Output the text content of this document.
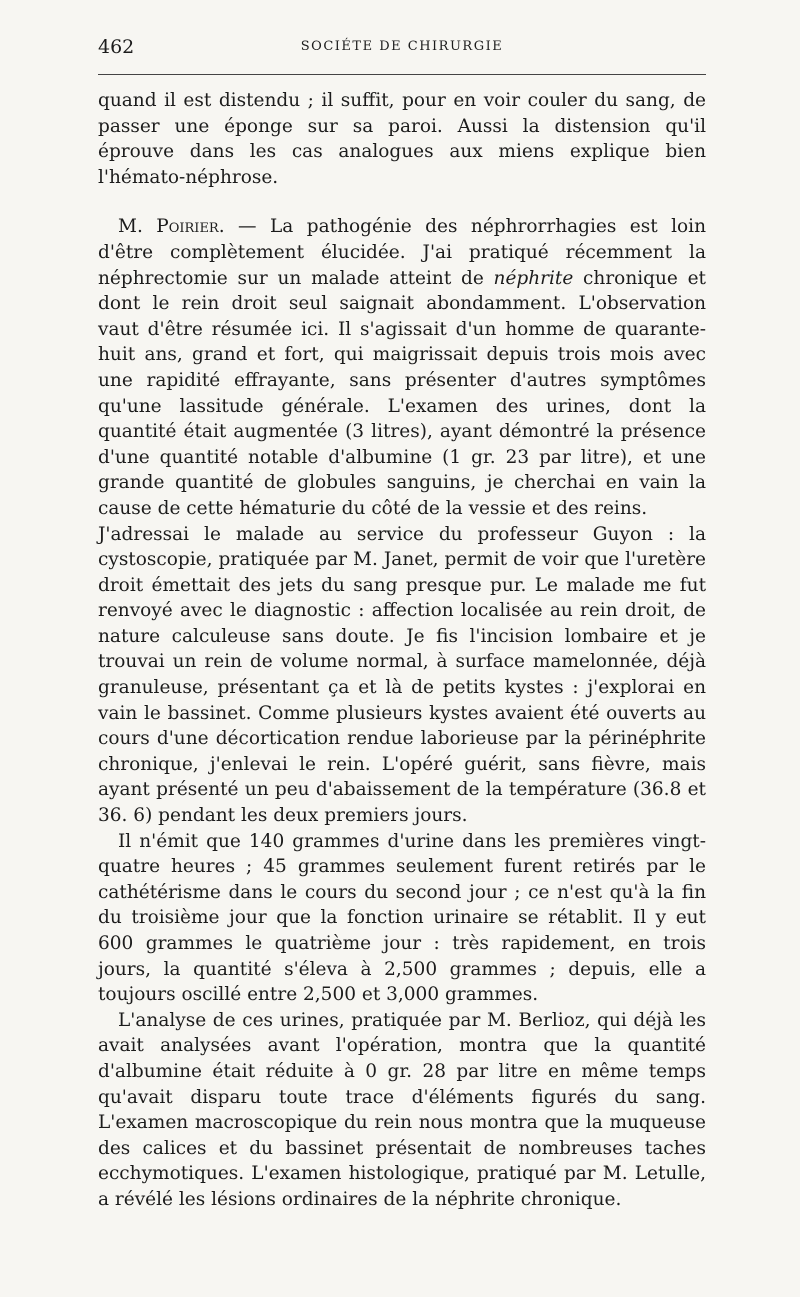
462	SOCIÉTE DE CHIRURGIE

quand il est distendu ; il suffit, pour en voir couler du sang, de passer une éponge sur sa paroi. Aussi la distension qu'il éprouve dans les cas analogues aux miens explique bien l'hémato-néphrose.

M. Poirier. — La pathogénie des néphrorrhagies est loin d'être complètement élucidée. J'ai pratiqué récemment la néphrectomie sur un malade atteint de néphrite chronique et dont le rein droit seul saignait abondamment. L'observation vaut d'être résumée ici. Il s'agissait d'un homme de quarante-huit ans, grand et fort, qui maigrissait depuis trois mois avec une rapidité effrayante, sans présenter d'autres symptômes qu'une lassitude générale. L'examen des urines, dont la quantité était augmentée (3 litres), ayant démontré la présence d'une quantité notable d'albumine (1 gr. 23 par litre), et une grande quantité de globules sanguins, je cherchai en vain la cause de cette hématurie du côté de la vessie et des reins.

J'adressai le malade au service du professeur Guyon : la cystoscopie, pratiquée par M. Janet, permit de voir que l'uretère droit émettait des jets du sang presque pur. Le malade me fut renvoyé avec le diagnostic : affection localisée au rein droit, de nature calculeuse sans doute. Je fis l'incision lombaire et je trouvai un rein de volume normal, à surface mamelonnée, déjà granuleuse, présentant ça et là de petits kystes : j'explorai en vain le bassinet. Comme plusieurs kystes avaient été ouverts au cours d'une décortication rendue laborieuse par la périnéphrite chronique, j'enlevai le rein. L'opéré guérit, sans fièvre, mais ayant présenté un peu d'abaissement de la température (36.8 et 36. 6) pendant les deux premiers jours.

Il n'émit que 140 grammes d'urine dans les premières vingt-quatre heures ; 45 grammes seulement furent retirés par le cathétérisme dans le cours du second jour ; ce n'est qu'à la fin du troisième jour que la fonction urinaire se rétablit. Il y eut 600 grammes le quatrième jour : très rapidement, en trois jours, la quantité s'éleva à 2,500 grammes ; depuis, elle a toujours oscillé entre 2,500 et 3,000 grammes.

L'analyse de ces urines, pratiquée par M. Berlioz, qui déjà les avait analysées avant l'opération, montra que la quantité d'albumine était réduite à 0 gr. 28 par litre en même temps qu'avait disparu toute trace d'éléments figurés du sang. L'examen macroscopique du rein nous montra que la muqueuse des calices et du bassinet présentait de nombreuses taches ecchymotiques. L'examen histologique, pratiqué par M. Letulle, a révélé les lésions ordinaires de la néphrite chronique.
